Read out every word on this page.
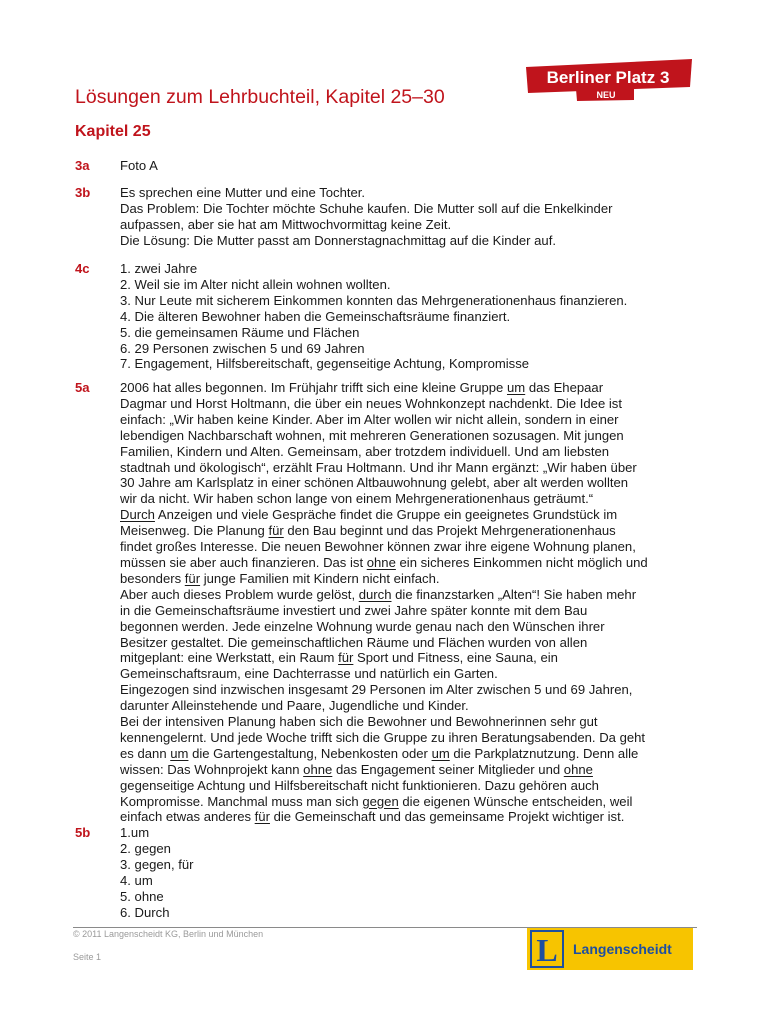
Lösungen zum Lehrbuchteil, Kapitel 25–30
Berliner Platz 3
NEU
Kapitel 25
3a Foto A
3b Es sprechen eine Mutter und eine Tochter.
Das Problem: Die Tochter möchte Schuhe kaufen. Die Mutter soll auf die Enkelkinder
aufpassen, aber sie hat am Mittwochvormittag keine Zeit.
Die Lösung: Die Mutter passt am Donnerstagnachmittag auf die Kinder auf.
4c 1. zwei Jahre
2. Weil sie im Alter nicht allein wohnen wollten.
3. Nur Leute mit sicherem Einkommen konnten das Mehrgenerationenhaus finanzieren.
4. Die älteren Bewohner haben die Gemeinschaftsräume finanziert.
5. die gemeinsamen Räume und Flächen
6. 29 Personen zwischen 5 und 69 Jahren
7. Engagement, Hilfsbereitschaft, gegenseitige Achtung, Kompromisse
5a 2006 hat alles begonnen. Im Frühjahr trifft sich eine kleine Gruppe um das Ehepaar
Dagmar und Horst Holtmann, die über ein neues Wohnkonzept nachdenkt. Die Idee ist
einfach: „Wir haben keine Kinder. Aber im Alter wollen wir nicht allein, sondern in einer
lebendigen Nachbarschaft wohnen, mit mehreren Generationen sozusagen. Mit jungen
Familien, Kindern und Alten. Gemeinsam, aber trotzdem individuell. Und am liebsten
stadtnah und ökologisch“, erzählt Frau Holtmann. Und ihr Mann ergänzt: „Wir haben über
30 Jahre am Karlsplatz in einer schönen Altbauwohnung gelebt, aber alt werden wollten
wir da nicht. Wir haben schon lange von einem Mehrgenerationenhaus geträumt.“
Durch Anzeigen und viele Gespräche findet die Gruppe ein geeignetes Grundstück im
Meisenweg. Die Planung für den Bau beginnt und das Projekt Mehrgenerationenhaus
findet großes Interesse. Die neuen Bewohner können zwar ihre eigene Wohnung planen,
müssen sie aber auch finanzieren. Das ist ohne ein sicheres Einkommen nicht möglich und
besonders für junge Familien mit Kindern nicht einfach.
Aber auch dieses Problem wurde gelöst, durch die finanzstarken „Alten“! Sie haben mehr
in die Gemeinschaftsräume investiert und zwei Jahre später konnte mit dem Bau
begonnen werden. Jede einzelne Wohnung wurde genau nach den Wünschen ihrer
Besitzer gestaltet. Die gemeinschaftlichen Räume und Flächen wurden von allen
mitgeplant: eine Werkstatt, ein Raum für Sport und Fitness, eine Sauna, ein
Gemeinschaftsraum, eine Dachterrasse und natürlich ein Garten.
Eingezogen sind inzwischen insgesamt 29 Personen im Alter zwischen 5 und 69 Jahren,
darunter Alleinstehende und Paare, Jugendliche und Kinder.
Bei der intensiven Planung haben sich die Bewohner und Bewohnerinnen sehr gut
kennengelernt. Und jede Woche trifft sich die Gruppe zu ihren Beratungsabenden. Da geht
es dann um die Gartengestaltung, Nebenkosten oder um die Parkplatznutzung. Denn alle
wissen: Das Wohnprojekt kann ohne das Engagement seiner Mitglieder und ohne
gegenseitige Achtung und Hilfsbereitschaft nicht funktionieren. Dazu gehören auch
Kompromisse. Manchmal muss man sich gegen die eigenen Wünsche entscheiden, weil
einfach etwas anderes für die Gemeinschaft und das gemeinsame Projekt wichtiger ist.
5b 1.um
2. gegen
3. gegen, für
4. um
5. ohne
6. Durch
© 2011 Langenscheidt KG, Berlin und München
Seite 1	L Langenscheidt
